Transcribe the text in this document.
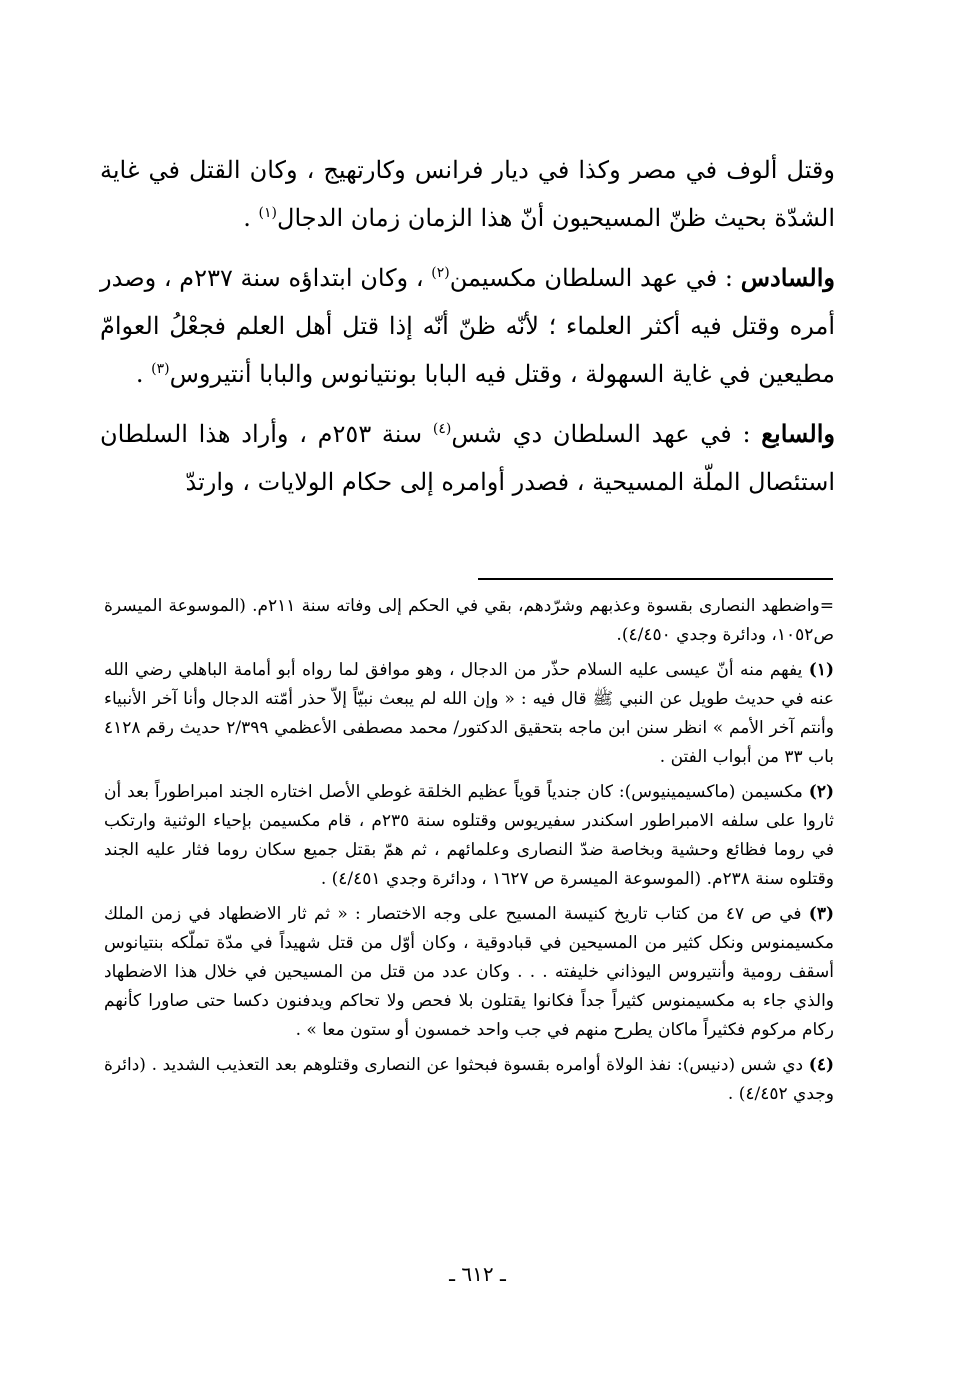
وقتل ألوف في مصر وكذا في ديار فرانس وكارتهيج ، وكان القتل في غاية الشدّة بحيث ظنّ المسيحيون أنّ هذا الزمان زمان الدجال$^{(١)}$ .

والسادس : في عهد السلطان مكسيمن$^{(٢)}$ ، وكان ابتداؤه سنة ٢٣٧م ، وصدر أمره وقتل فيه أكثر العلماء ؛ لأنّه ظنّ أنّه إذا قتل أهل العلم فجعْلُ العوامّ مطيعين في غاية السهولة ، وقتل فيه البابا بونتيانوس والبابا أنتيروس$^{(٣)}$ .

والسابع : في عهد السلطان دي شس$^{(٤)}$ سنة ٢٥٣م ، وأراد هذا السلطان استئصال الملّة المسيحية ، فصدر أوامره إلى حكام الولايات ، وارتدّ

=واضطهد النصارى بقسوة وعذبهم وشرّدهم، بقي في الحكم إلى وفاته سنة ٢١١م. (الموسوعة الميسرة ص١٠٥٢، ودائرة وجدي ٤/٤٥٠).

(١) يفهم منه أنّ عيسى عليه السلام حذّر من الدجال ، وهو موافق لما رواه أبو أمامة الباهلي رضي الله عنه في حديث طويل عن النبي ﷺ قال فيه : « وإن الله لم يبعث نبيّاً إلاّ حذر أمّته الدجال وأنا آخر الأنبياء وأنتم آخر الأمم » انظر سنن ابن ماجه بتحقيق الدكتور/ محمد مصطفى الأعظمي ٢/٣٩٩ حديث رقم ٤١٢٨ باب ٣٣ من أبواب الفتن .

(٢) مكسيمن (ماكسيمينيوس): كان جندياً قوياً عظيم الخلقة غوطي الأصل اختاره الجند امبراطوراً بعد أن ثاروا على سلفه الامبراطور اسكندر سفيريوس وقتلوه سنة ٢٣٥م ، قام مكسيمن بإحياء الوثنية وارتكب في روما فظائع وحشية وبخاصة ضدّ النصارى وعلمائهم ، ثم همّ بقتل جميع سكان روما فثار عليه الجند وقتلوه سنة ٢٣٨م. (الموسوعة الميسرة ص ١٦٢٧ ، ودائرة وجدي ٤/٤٥١) .

(٣) في ص ٤٧ من كتاب تاريخ كنيسة المسيح على وجه الاختصار : « ثم ثار الاضطهاد في زمن الملك مكسيمنوس ونكل كثير من المسيحين في قبادوقية ، وكان أوّل من قتل شهيداً في مدّة تملّكه بنتيانوس أسقف رومية وأنتيروس اليوذاني خليفته . . . وكان عدد من قتل من المسيحين في خلال هذا الاضطهاد والذي جاء به مكسيمنوس كثيراً جداً فكانوا يقتلون بلا فحص ولا تحاكم ويدفنون دكسا حتى صاورا كأنهم ركام مركوم فكثيراً ماكان يطرح منهم في جب واحد خمسون أو ستون معا » .

(٤) دي شس (دنيس): نفذ الولاة أوامره بقسوة فبحثوا عن النصارى وقتلوهم بعد التعذيب الشديد . (دائرة وجدي ٤/٤٥٢) .

ـ ٦١٢ ـ
